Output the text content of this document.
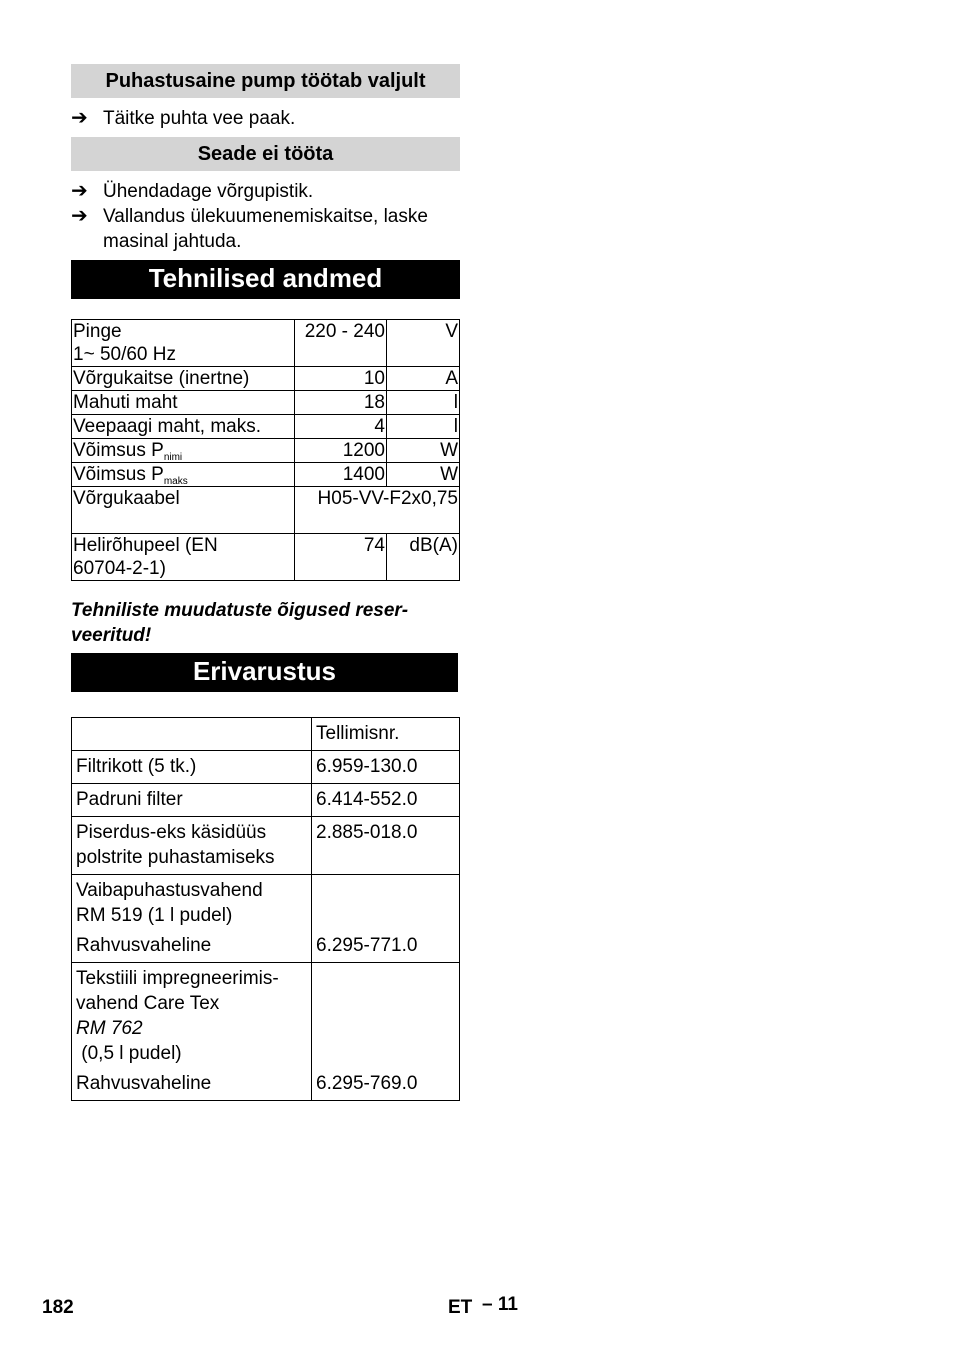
Puhastusaine pump töötab valjult
➔ Täitke puhta vee paak.
Seade ei tööta
➔ Ühendadage võrgupistik.
➔ Vallandus ülekuumenemiskaitse, laske masinal jahtuda.
Tehnilised andmed
Pinge
1~ 50/60 Hz	220 - 240	V
Võrgukaitse (inertne)	10	A
Mahuti maht	18	l
Veepaagi maht, maks.	4	l
Võimsus $P_{nimi}$	1200	W
Võimsus $P_{maks}$	1400	W
Võrgukaabel	H05-VV-F2x0,75	
Helirõhupeel (EN
60704-2-1)	74	dB(A)
Tehniliste muudatuste õigused reser-veeritud!
Erivarustus
	Tellimisnr.
Filtrikott (5 tk.)	6.959-130.0
Padruni filter	6.414-552.0
Piserdus-eks käsidüüs
polstrite puhastamiseks	2.885-018.0
Vaibapuhastusvahend
RM 519 (1 l pudel)
Rahvusvaheline	6.295-771.0
Tekstiili impregneerimis-
vahend Care Tex
RM 762
(0,5 l pudel)
Rahvusvaheline	6.295-769.0
182	ET – 11
